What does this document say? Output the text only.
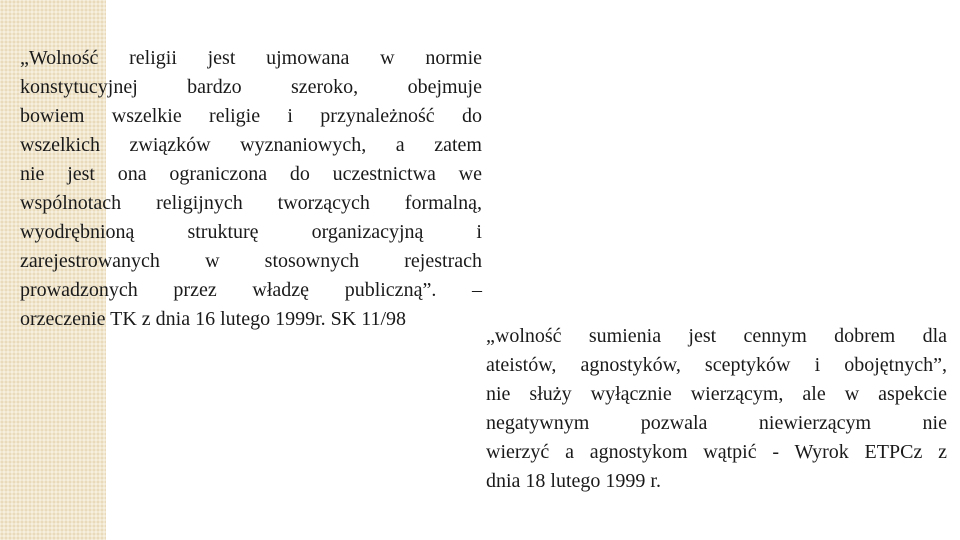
„Wolność religii jest ujmowana w normie
konstytucyjnej bardzo szeroko, obejmuje
bowiem wszelkie religie i przynależność do
wszelkich związków wyznaniowych, a zatem
nie jest ona ograniczona do uczestnictwa we
wspólnotach religijnych tworzących formalną,
wyodrębnioną strukturę organizacyjną i
zarejestrowanych w stosownych rejestrach
prowadzonych przez władzę publiczną”. –
orzeczenie TK z dnia 16 lutego 1999r. SK 11/98
„wolność sumienia jest cennym dobrem dla
ateistów, agnostyków, sceptyków i obojętnych”,
nie służy wyłącznie wierzącym, ale w aspekcie
negatywnym pozwala niewierzącym nie
wierzyć a agnostykom wątpić - Wyrok ETPCz z
dnia 18 lutego 1999 r.
